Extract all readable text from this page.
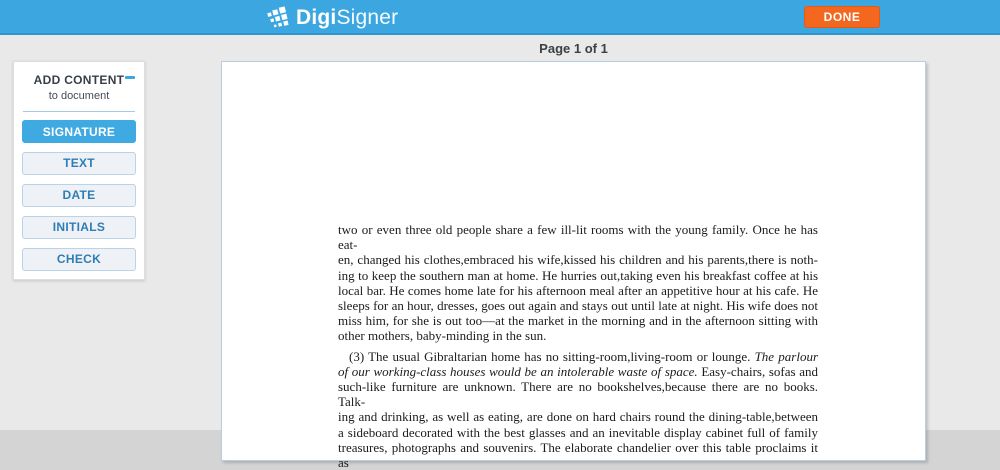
DigiSigner	DONE
Page 1 of 1
ADD CONTENT
to document
SIGNATURE
TEXT
DATE
INITIALS
CHECK
two or even three old people share a few ill-lit rooms with the young family. Once he has eat-
en, changed his clothes,embraced his wife,kissed his children and his parents,there is noth-
ing to keep the southern man at home. He hurries out,taking even his breakfast coffee at his
local bar. He comes home late for his afternoon meal after an appetitive hour at his cafe. He
sleeps for an hour, dresses, goes out again and stays out until late at night. His wife does not
miss him, for she is out too—at the market in the morning and in the afternoon sitting with
other mothers, baby-minding in the sun.
(3) The usual Gibraltarian home has no sitting-room,living-room or lounge. The parlour
of our working-class houses would be an intolerable waste of space. Easy-chairs, sofas and
such-like furniture are unknown. There are no bookshelves,because there are no books. Talk-
ing and drinking, as well as eating, are done on hard chairs round the dining-table,between
a sideboard decorated with the best glasses and an inevitable display cabinet full of family
treasures, photographs and souvenirs. The elaborate chandelier over this table proclaims it as
